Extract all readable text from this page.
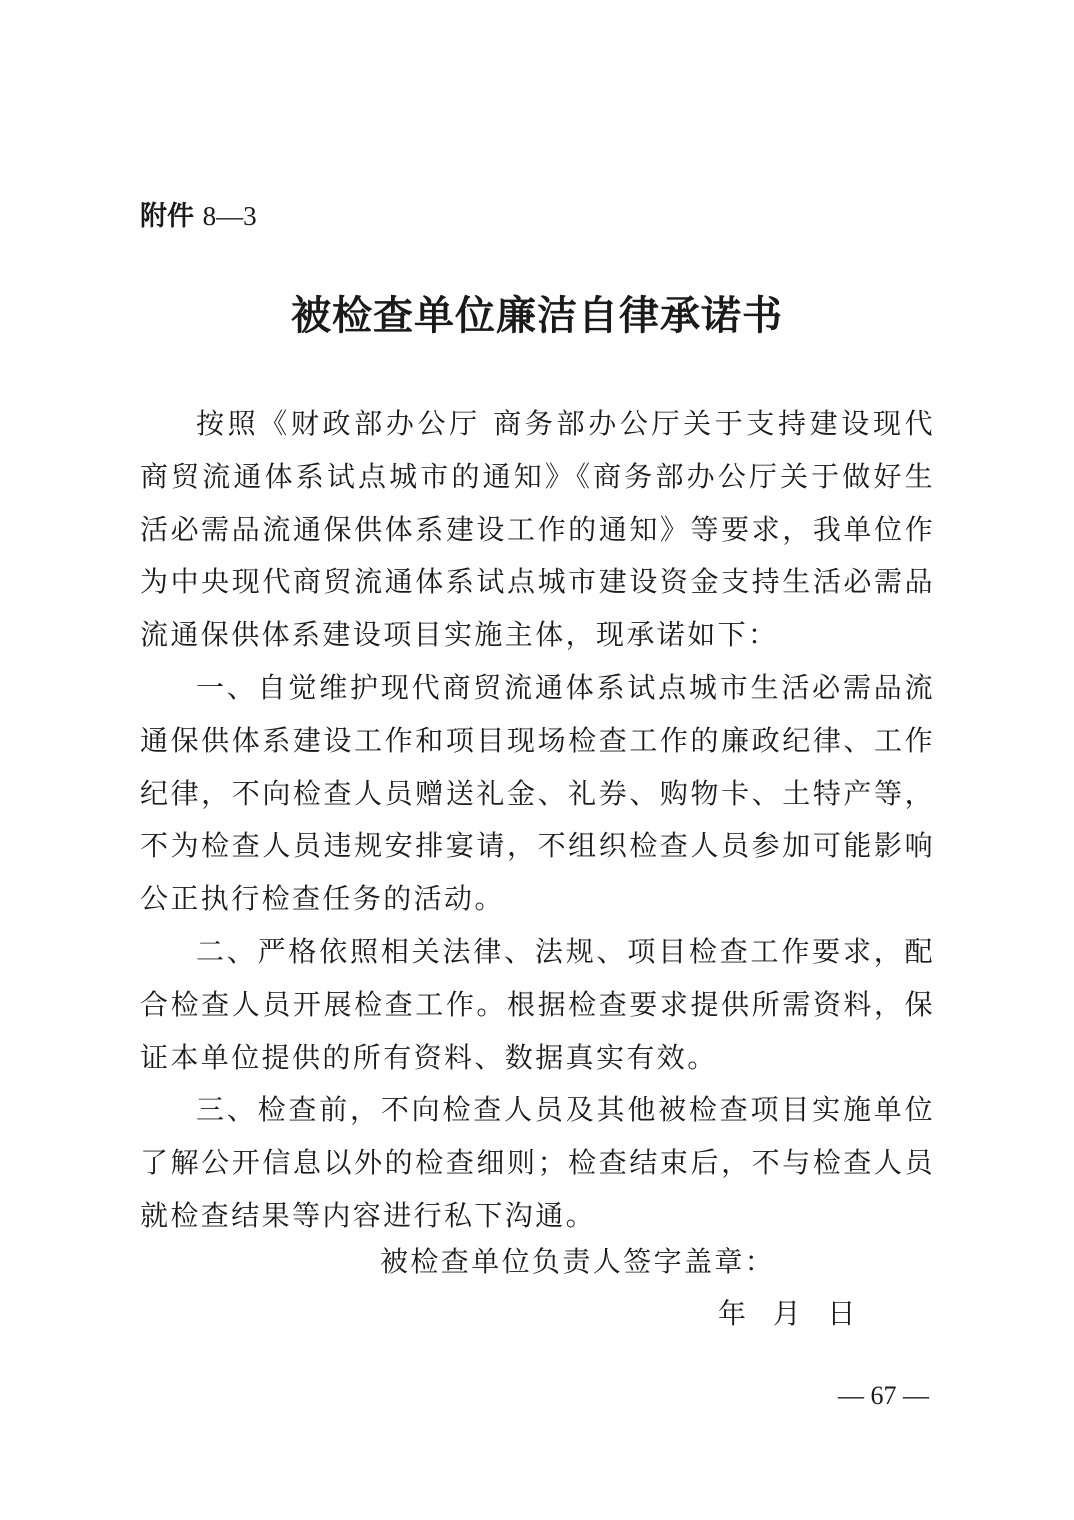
附件 8—3
被检查单位廉洁自律承诺书

按照《财政部办公厅 商务部办公厅关于支持建设现代商贸流通体系试点城市的通知》《商务部办公厅关于做好生活必需品流通保供体系建设工作的通知》等要求，我单位作为中央现代商贸流通体系试点城市建设资金支持生活必需品流通保供体系建设项目实施主体，现承诺如下：

一、自觉维护现代商贸流通体系试点城市生活必需品流通保供体系建设工作和项目现场检查工作的廉政纪律、工作纪律，不向检查人员赠送礼金、礼券、购物卡、土特产等，不为检查人员违规安排宴请，不组织检查人员参加可能影响公正执行检查任务的活动。

二、严格依照相关法律、法规、项目检查工作要求，配合检查人员开展检查工作。根据检查要求提供所需资料，保证本单位提供的所有资料、数据真实有效。

三、检查前，不向检查人员及其他被检查项目实施单位了解公开信息以外的检查细则；检查结束后，不与检查人员就检查结果等内容进行私下沟通。

被检查单位负责人签字盖章：
年   月   日
— 67 —
